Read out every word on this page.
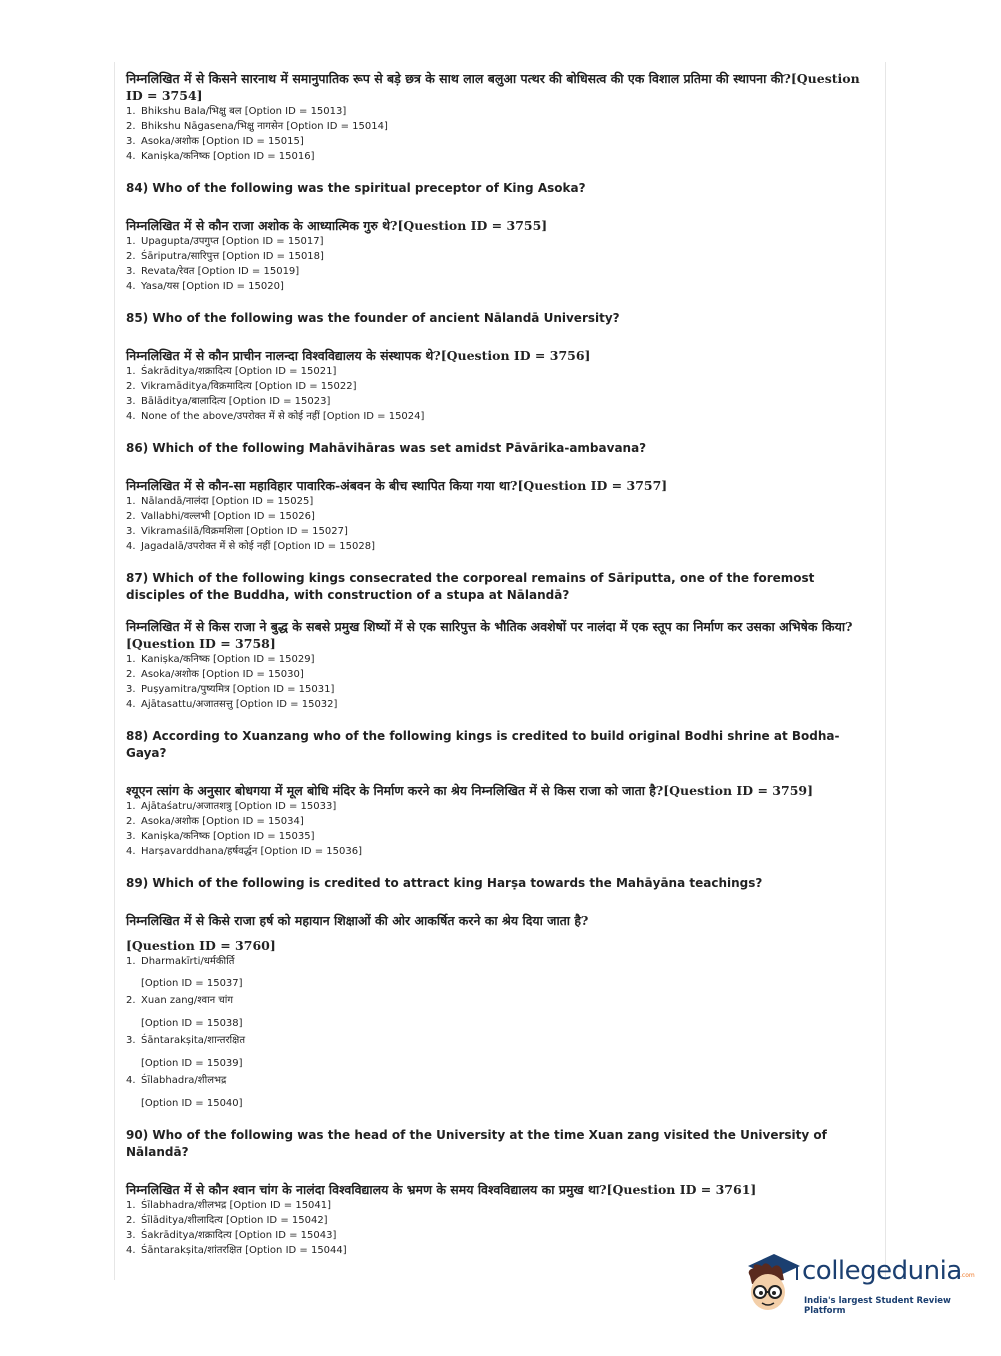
निम्नलिखित में से किसने सारनाथ में समानुपातिक रूप से बड़े छत्र के साथ लाल बलुआ पत्थर की बोधिसत्व की एक विशाल प्रतिमा की स्थापना की?[Question ID = 3754]

1. Bhikshu Bala/भिक्षु बल [Option ID = 15013]
2. Bhikshu Nāgasena/भिक्षु नागसेन [Option ID = 15014]
3. Asoka/अशोक [Option ID = 15015]
4. Kaniṣka/कनिष्क [Option ID = 15016]

84) Who of the following was the spiritual preceptor of King Asoka?

निम्नलिखित में से कौन राजा अशोक के आध्यात्मिक गुरु थे?[Question ID = 3755]

1. Upagupta/उपगुप्त [Option ID = 15017]
2. Śāriputra/सारिपुत्त [Option ID = 15018]
3. Revata/रेवत [Option ID = 15019]
4. Yasa/यस [Option ID = 15020]

85) Who of the following was the founder of ancient Nālandā University?

निम्नलिखित में से कौन प्राचीन नालन्दा विश्वविद्यालय के संस्थापक थे?[Question ID = 3756]

1. Śakrāditya/शक्रादित्य [Option ID = 15021]
2. Vikramāditya/विक्रमादित्य [Option ID = 15022]
3. Bālāditya/बालादित्य [Option ID = 15023]
4. None of the above/उपरोक्त में से कोई नहीं [Option ID = 15024]

86) Which of the following Mahāvihāras was set amidst Pāvārika-ambavana?

निम्नलिखित में से कौन-सा महाविहार पावारिक-अंबवन के बीच स्थापित किया गया था?[Question ID = 3757]

1. Nālandā/नालंदा [Option ID = 15025]
2. Vallabhi/वल्लभी [Option ID = 15026]
3. Vikramaśilā/विक्रमशिला [Option ID = 15027]
4. Jagadalā/उपरोक्त में से कोई नहीं [Option ID = 15028]

87) Which of the following kings consecrated the corporeal remains of Sāriputta, one of the foremost disciples of the Buddha, with construction of a stupa at Nālandā?

निम्नलिखित में से किस राजा ने बुद्ध के सबसे प्रमुख शिष्यों में से एक सारिपुत्त के भौतिक अवशेषों पर नालंदा में एक स्तूप का निर्माण कर उसका अभिषेक किया?[Question ID = 3758]

1. Kaniṣka/कनिष्क [Option ID = 15029]
2. Asoka/अशोक [Option ID = 15030]
3. Puṣyamitra/पुष्यमित्र [Option ID = 15031]
4. Ajātasattu/अजातसत्तु [Option ID = 15032]

88) According to Xuanzang who of the following kings is credited to build original Bodhi shrine at Bodha-Gaya?

श्यूएन त्सांग के अनुसार बोधगया में मूल बोधि मंदिर के निर्माण करने का श्रेय निम्नलिखित में से किस राजा को जाता है?[Question ID = 3759]

1. Ajātaśatru/अजातशत्रु [Option ID = 15033]
2. Asoka/अशोक [Option ID = 15034]
3. Kaniṣka/कनिष्क [Option ID = 15035]
4. Harṣavarddhana/हर्षवर्द्धन [Option ID = 15036]

89) Which of the following is credited to attract king Harṣa towards the Mahāyāna teachings?

निम्नलिखित में से किसे राजा हर्ष को महायान शिक्षाओं की ओर आकर्षित करने का श्रेय दिया जाता है?

[Question ID = 3760]

1. Dharmakīrti/धर्मकीर्ति
[Option ID = 15037]
2. Xuan zang/श्वान चांग
[Option ID = 15038]
3. Śāntarakṣita/शान्तरक्षित
[Option ID = 15039]
4. Śīlabhadra/शीलभद्र
[Option ID = 15040]

90) Who of the following was the head of the University at the time Xuan zang visited the University of Nālandā?

निम्नलिखित में से कौन श्वान चांग के नालंदा विश्वविद्यालय के भ्रमण के समय विश्वविद्यालय का प्रमुख था?[Question ID = 3761]

1. Śīlabhadra/शीलभद्र [Option ID = 15041]
2. Śīlāditya/शीलादित्य [Option ID = 15042]
3. Śakrāditya/शक्रादित्य [Option ID = 15043]
4. Śāntarakṣita/शांतरक्षित [Option ID = 15044]
collegedunia
.com
India's largest Student Review Platform
